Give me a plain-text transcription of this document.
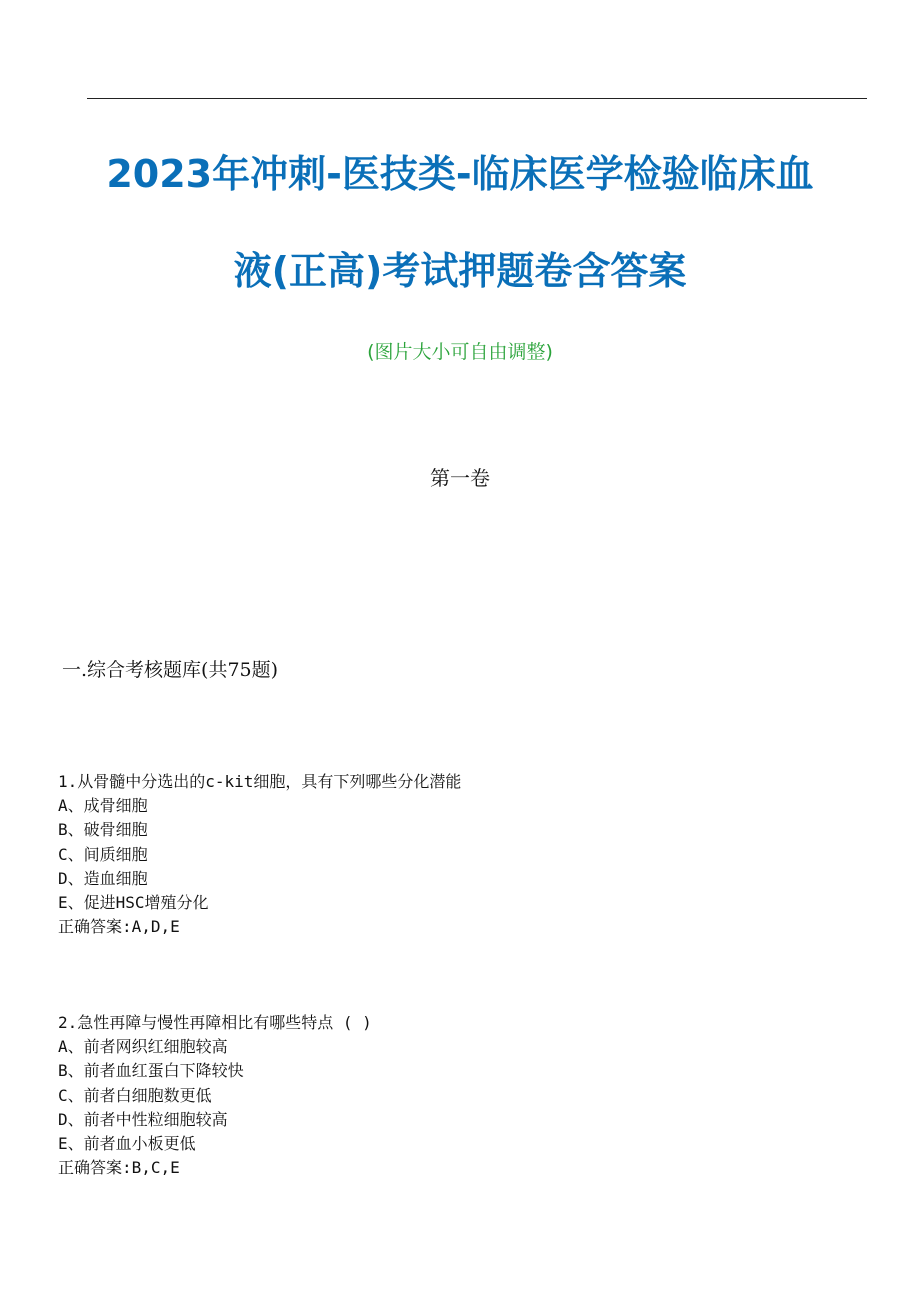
2023年冲刺-医技类-临床医学检验临床血
液(正高)考试押题卷含答案
(图片大小可自由调整)
第一卷
一.综合考核题库(共75题)
1.从骨髓中分选出的c-kit细胞，具有下列哪些分化潜能
A、成骨细胞
B、破骨细胞
C、间质细胞
D、造血细胞
E、促进HSC增殖分化
正确答案:A,D,E
2.急性再障与慢性再障相比有哪些特点 ( )
A、前者网织红细胞较高
B、前者血红蛋白下降较快
C、前者白细胞数更低
D、前者中性粒细胞较高
E、前者血小板更低
正确答案:B,C,E
